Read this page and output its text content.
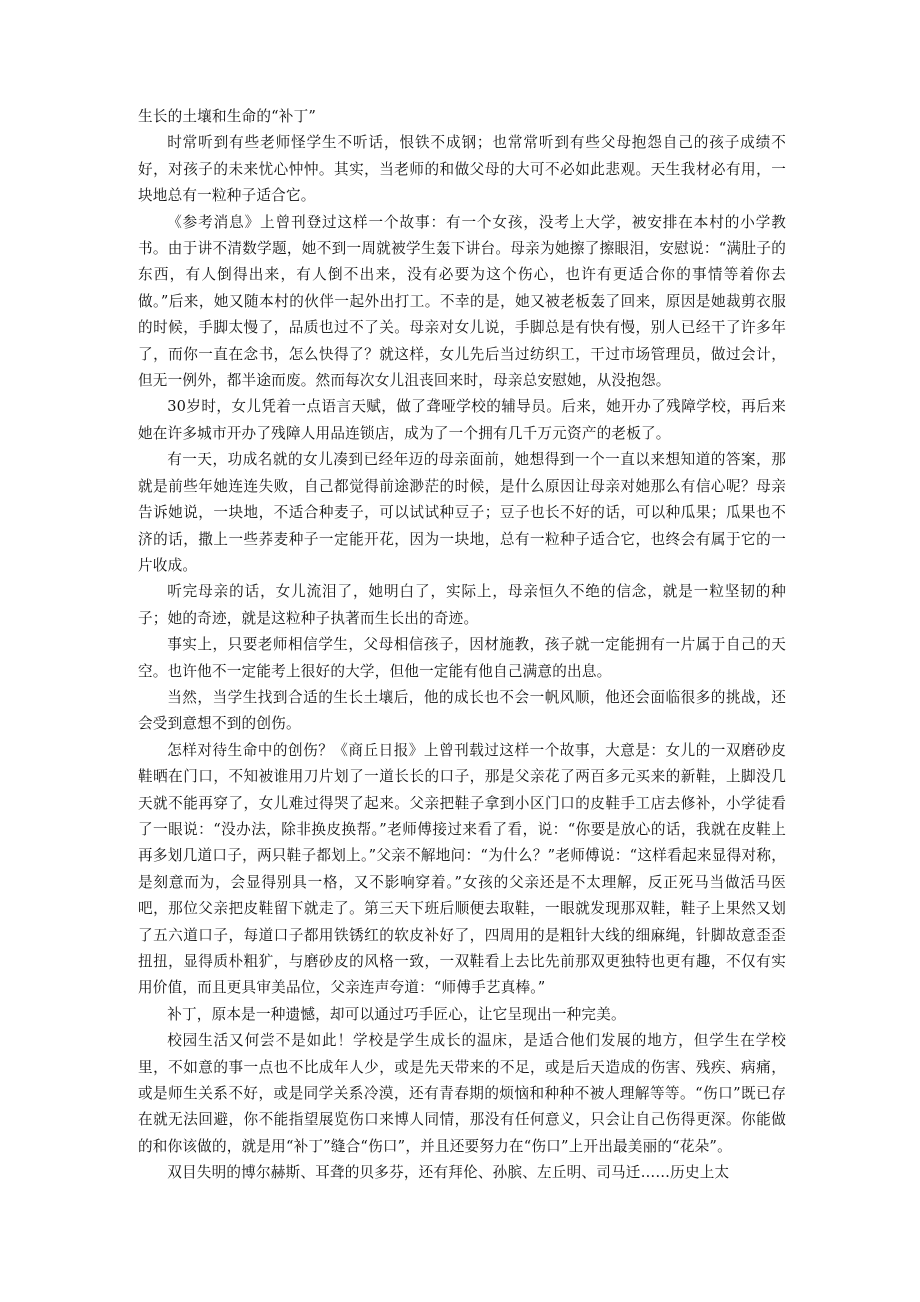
生长的土壤和生命的“补丁”

时常听到有些老师怪学生不听话，恨铁不成钢；也常常听到有些父母抱怨自己的孩子成绩不好，对孩子的未来忧心忡忡。其实，当老师的和做父母的大可不必如此悲观。天生我材必有用，一块地总有一粒种子适合它。

《参考消息》上曾刊登过这样一个故事：有一个女孩，没考上大学，被安排在本村的小学教书。由于讲不清数学题，她不到一周就被学生轰下讲台。母亲为她擦了擦眼泪，安慰说：“满肚子的东西，有人倒得出来，有人倒不出来，没有必要为这个伤心，也许有更适合你的事情等着你去做。”后来，她又随本村的伙伴一起外出打工。不幸的是，她又被老板轰了回来，原因是她裁剪衣服的时候，手脚太慢了，品质也过不了关。母亲对女儿说，手脚总是有快有慢，别人已经干了许多年了，而你一直在念书，怎么快得了？就这样，女儿先后当过纺织工，干过市场管理员，做过会计，但无一例外，都半途而废。然而每次女儿沮丧回来时，母亲总安慰她，从没抱怨。

30岁时，女儿凭着一点语言天赋，做了聋哑学校的辅导员。后来，她开办了残障学校，再后来她在许多城市开办了残障人用品连锁店，成为了一个拥有几千万元资产的老板了。

有一天，功成名就的女儿凑到已经年迈的母亲面前，她想得到一个一直以来想知道的答案，那就是前些年她连连失败，自己都觉得前途渺茫的时候，是什么原因让母亲对她那么有信心呢？母亲告诉她说，一块地，不适合种麦子，可以试试种豆子；豆子也长不好的话，可以种瓜果；瓜果也不济的话，撒上一些荞麦种子一定能开花，因为一块地，总有一粒种子适合它，也终会有属于它的一片收成。

听完母亲的话，女儿流泪了，她明白了，实际上，母亲恒久不绝的信念，就是一粒坚韧的种子；她的奇迹，就是这粒种子执著而生长出的奇迹。

事实上，只要老师相信学生，父母相信孩子，因材施教，孩子就一定能拥有一片属于自己的天空。也许他不一定能考上很好的大学，但他一定能有他自己满意的出息。

当然，当学生找到合适的生长土壤后，他的成长也不会一帆风顺，他还会面临很多的挑战，还会受到意想不到的创伤。

怎样对待生命中的创伤？《商丘日报》上曾刊载过这样一个故事，大意是：女儿的一双磨砂皮鞋晒在门口，不知被谁用刀片划了一道长长的口子，那是父亲花了两百多元买来的新鞋，上脚没几天就不能再穿了，女儿难过得哭了起来。父亲把鞋子拿到小区门口的皮鞋手工店去修补，小学徒看了一眼说：“没办法，除非换皮换帮。”老师傅接过来看了看，说：“你要是放心的话，我就在皮鞋上再多划几道口子，两只鞋子都划上。”父亲不解地问：“为什么？”老师傅说：“这样看起来显得对称，是刻意而为，会显得别具一格，又不影响穿着。”女孩的父亲还是不太理解，反正死马当做活马医吧，那位父亲把皮鞋留下就走了。第三天下班后顺便去取鞋，一眼就发现那双鞋，鞋子上果然又划了五六道口子，每道口子都用铁锈红的软皮补好了，四周用的是粗针大线的细麻绳，针脚故意歪歪扭扭，显得质朴粗犷，与磨砂皮的风格一致，一双鞋看上去比先前那双更独特也更有趣，不仅有实用价值，而且更具审美品位，父亲连声夸道：“师傅手艺真棒。”

补丁，原本是一种遗憾，却可以通过巧手匠心，让它呈现出一种完美。

校园生活又何尝不是如此！学校是学生成长的温床，是适合他们发展的地方，但学生在学校里，不如意的事一点也不比成年人少，或是先天带来的不足，或是后天造成的伤害、残疾、病痛，或是师生关系不好，或是同学关系冷漠，还有青春期的烦恼和种种不被人理解等等。“伤口”既已存在就无法回避，你不能指望展览伤口来博人同情，那没有任何意义，只会让自己伤得更深。你能做的和你该做的，就是用“补丁”缝合“伤口”，并且还要努力在“伤口”上开出最美丽的“花朵”。

双目失明的博尔赫斯、耳聋的贝多芬，还有拜伦、孙膑、左丘明、司马迁……历史上太
